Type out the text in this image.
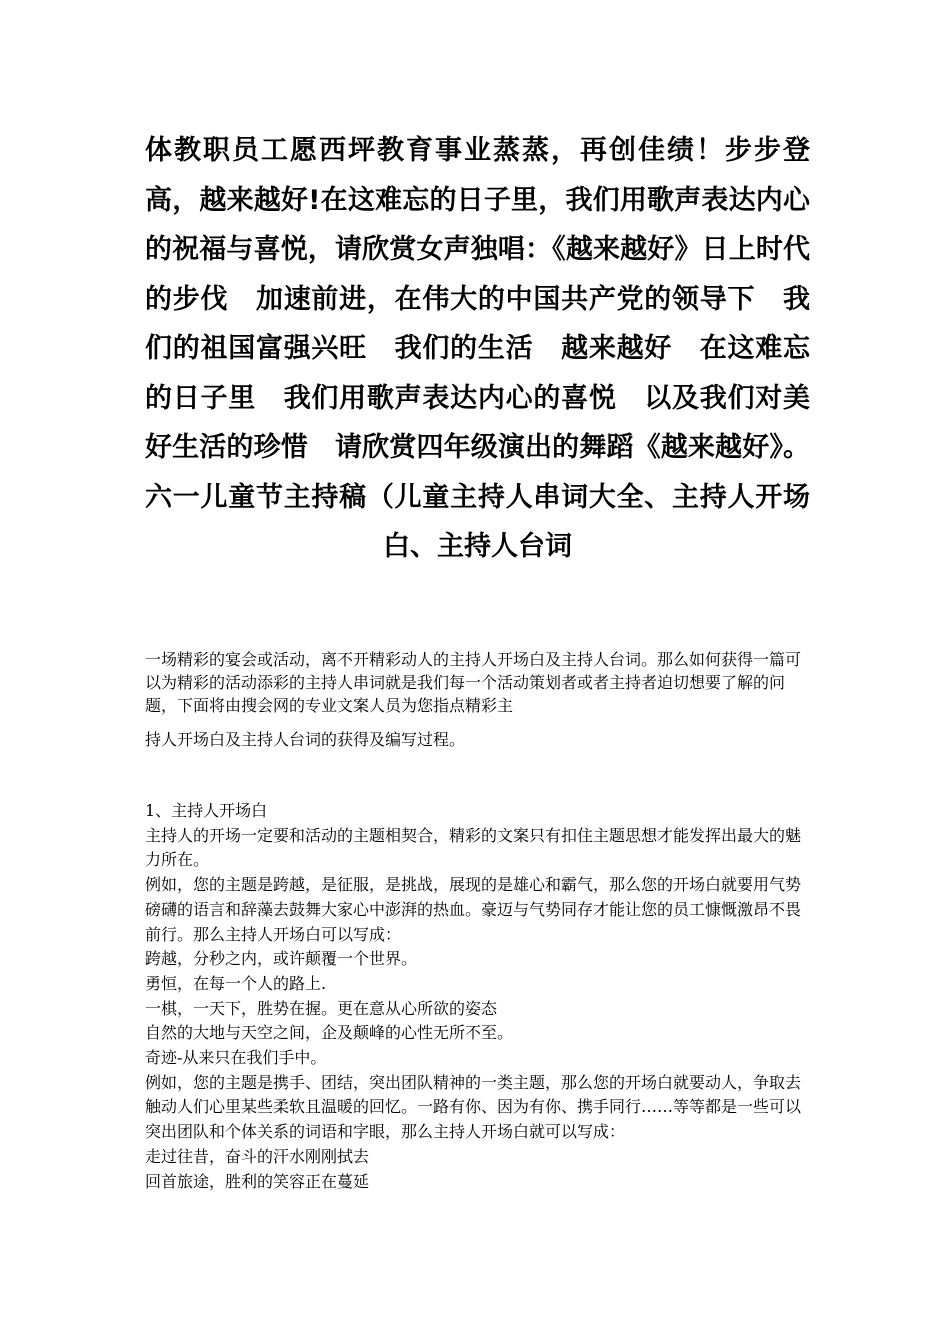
体教职员工愿西坪教育事业蒸蒸，再创佳绩！步步登高，越来越好!在这难忘的日子里，我们用歌声表达内心的祝福与喜悦，请欣赏女声独唱：《越来越好》日上时代的步伐　加速前进，在伟大的中国共产党的领导下　我们的祖国富强兴旺　我们的生活　越来越好　在这难忘的日子里　我们用歌声表达内心的喜悦　以及我们对美好生活的珍惜　请欣赏四年级演出的舞蹈《越来越好》。六一儿童节主持稿（儿童主持人串词大全、主持人开场白、主持人台词
一场精彩的宴会或活动，离不开精彩动人的主持人开场白及主持人台词。那么如何获得一篇可以为精彩的活动添彩的主持人串词就是我们每一个活动策划者或者主持者迫切想要了解的问题，下面将由搜会网的专业文案人员为您指点精彩主
持人开场白及主持人台词的获得及编写过程。

1、主持人开场白

主持人的开场一定要和活动的主题相契合，精彩的文案只有扣住主题思想才能发挥出最大的魅力所在。

例如，您的主题是跨越，是征服，是挑战，展现的是雄心和霸气，那么您的开场白就要用气势磅礴的语言和辞藻去鼓舞大家心中澎湃的热血。豪迈与气势同存才能让您的员工慷慨激昂不畏前行。那么主持人开场白可以写成：

跨越，分秒之内，或许颠覆一个世界。

勇恒，在每一个人的路上.

一棋，一天下，胜势在握。更在意从心所欲的姿态

自然的大地与天空之间，企及颠峰的心性无所不至。

奇迹-从来只在我们手中。

例如，您的主题是携手、团结，突出团队精神的一类主题，那么您的开场白就要动人，争取去触动人们心里某些柔软且温暖的回忆。一路有你、因为有你、携手同行……等等都是一些可以突出团队和个体关系的词语和字眼，那么主持人开场白就可以写成：

走过往昔，奋斗的汗水刚刚拭去

回首旅途，胜利的笑容正在蔓延
